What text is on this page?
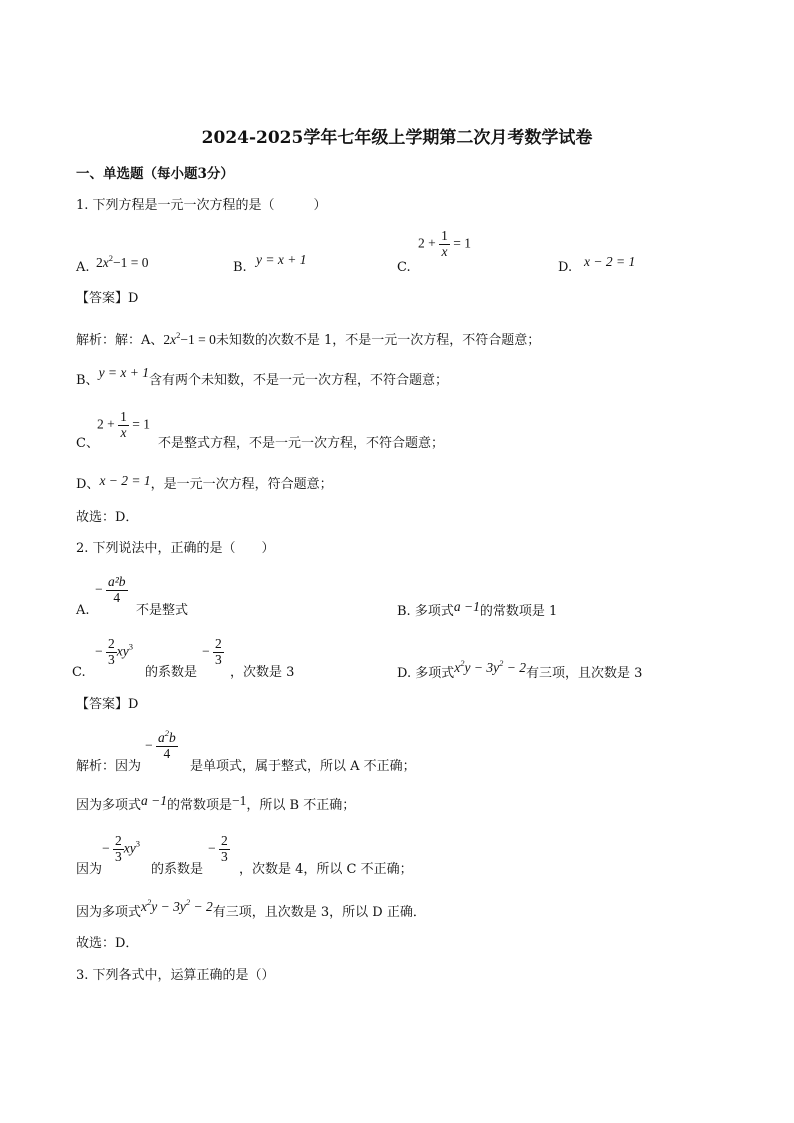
2024-2025学年七年级上学期第二次月考数学试卷
一、单选题（每小题3分）
1. 下列方程是一元一次方程的是（　　　）
A. $2x^2-1 = 0$	B.
y = x + 1
C.
$2 + \frac{1}{x} = 1$
D. x − 2 = 1
【答案】D
解析：解：A、$2x^2-1 = 0$未知数的次数不是 1，不是一元一次方程，不符合题意；
B、y = x + 1含有两个未知数，不是一元一次方程，不符合题意；
C、
$2 + \frac{1}{x} = 1$
不是整式方程，不是一元一次方程，不符合题意；
D、x − 2 = 1，是一元一次方程，符合题意；
故选：D．
2. 下列说法中，正确的是（　　）
A.
− $\frac{\text{a²b}}{4}$
不是整式	B. 多项式a −1的常数项是 1
C.
− $\frac{2}{3} xy^3$
的系数是
− $\frac{2}{3}$
，次数是 3	D. 多项式$x^2y - 3y^2 - 2$有三项，且次数是 3
【答案】D
解析：因为
− $\frac{a^2b}{4}$
是单项式，属于整式，所以 A 不正确；
因为多项式a −1的常数项是−1，所以 B 不正确；
因为
− $\frac{2}{3} xy^3$
的系数是
− $\frac{2}{3}$
，次数是 4，所以 C 不正确；
因为多项式$x^2y - 3y^2 - 2$有三项，且次数是 3，所以 D 正确．
故选：D．
3. 下列各式中，运算正确的是（）
